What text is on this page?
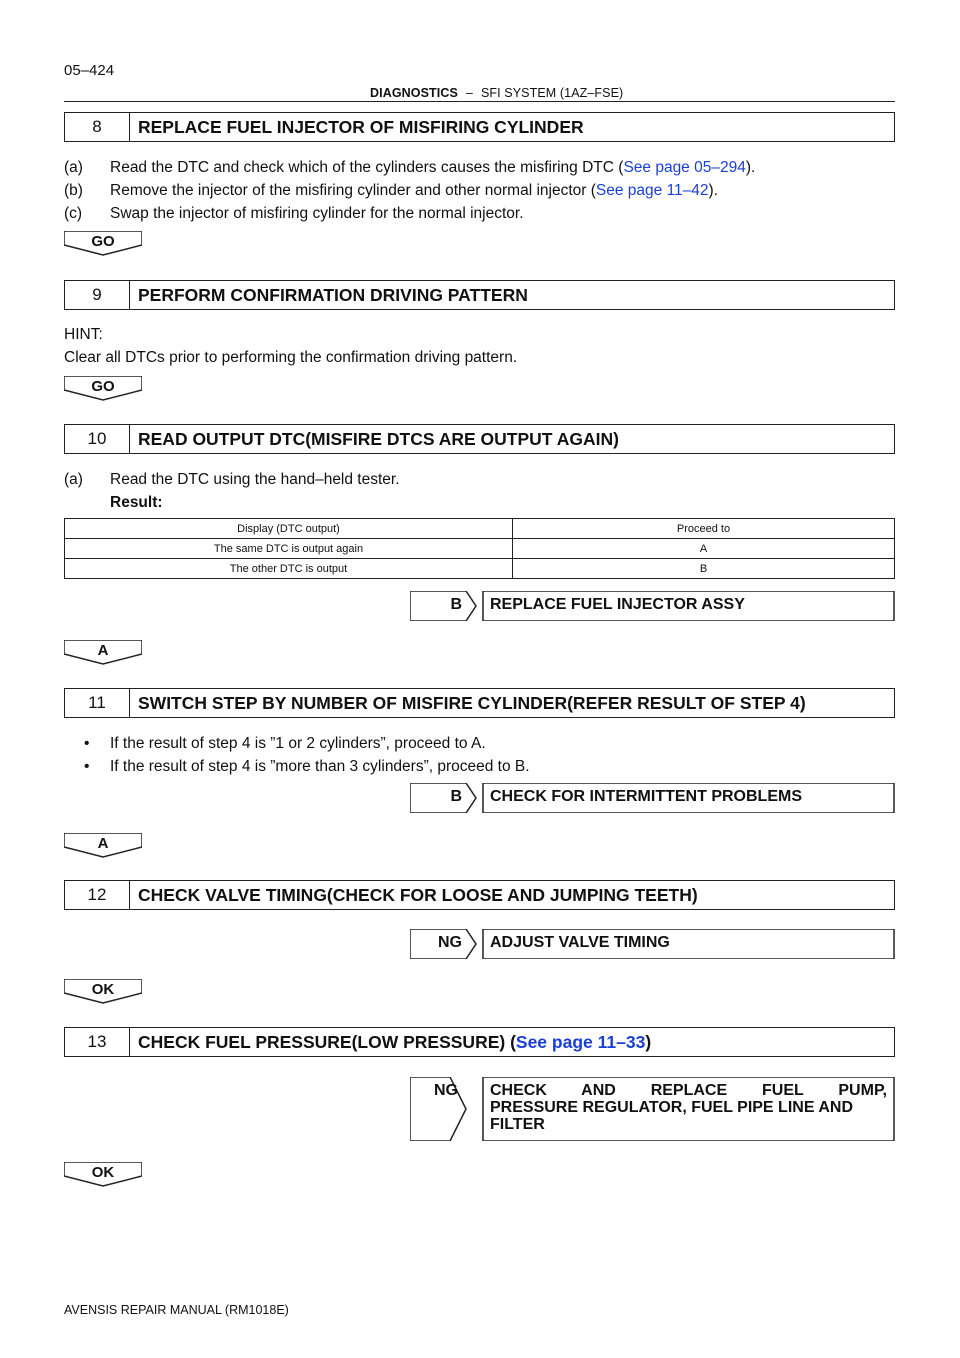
05–424
DIAGNOSTICS – SFI SYSTEM (1AZ–FSE)
8	REPLACE FUEL INJECTOR OF MISFIRING CYLINDER
(a) Read the DTC and check which of the cylinders causes the misfiring DTC (See page 05–294).
(b) Remove the injector of the misfiring cylinder and other normal injector (See page 11–42).
(c) Swap the injector of misfiring cylinder for the normal injector.
GO
9	PERFORM CONFIRMATION DRIVING PATTERN
HINT:
Clear all DTCs prior to performing the confirmation driving pattern.
GO
10	READ OUTPUT DTC(MISFIRE DTCS ARE OUTPUT AGAIN)
(a) Read the DTC using the hand–held tester.
Result:
Display (DTC output)	Proceed to
The same DTC is output again	A
The other DTC is output	B
B REPLACE FUEL INJECTOR ASSY
A
11	SWITCH STEP BY NUMBER OF MISFIRE CYLINDER(REFER RESULT OF STEP 4)
• If the result of step 4 is ”1 or 2 cylinders”, proceed to A.
• If the result of step 4 is ”more than 3 cylinders”, proceed to B.
B CHECK FOR INTERMITTENT PROBLEMS
A
12	CHECK VALVE TIMING(CHECK FOR LOOSE AND JUMPING TEETH)
NG ADJUST VALVE TIMING
OK
13	CHECK FUEL PRESSURE(LOW PRESSURE) (See page 11–33)
NG CHECK AND REPLACE FUEL PUMP,
PRESSURE REGULATOR, FUEL PIPE LINE AND
FILTER
OK
AVENSIS REPAIR MANUAL (RM1018E)
